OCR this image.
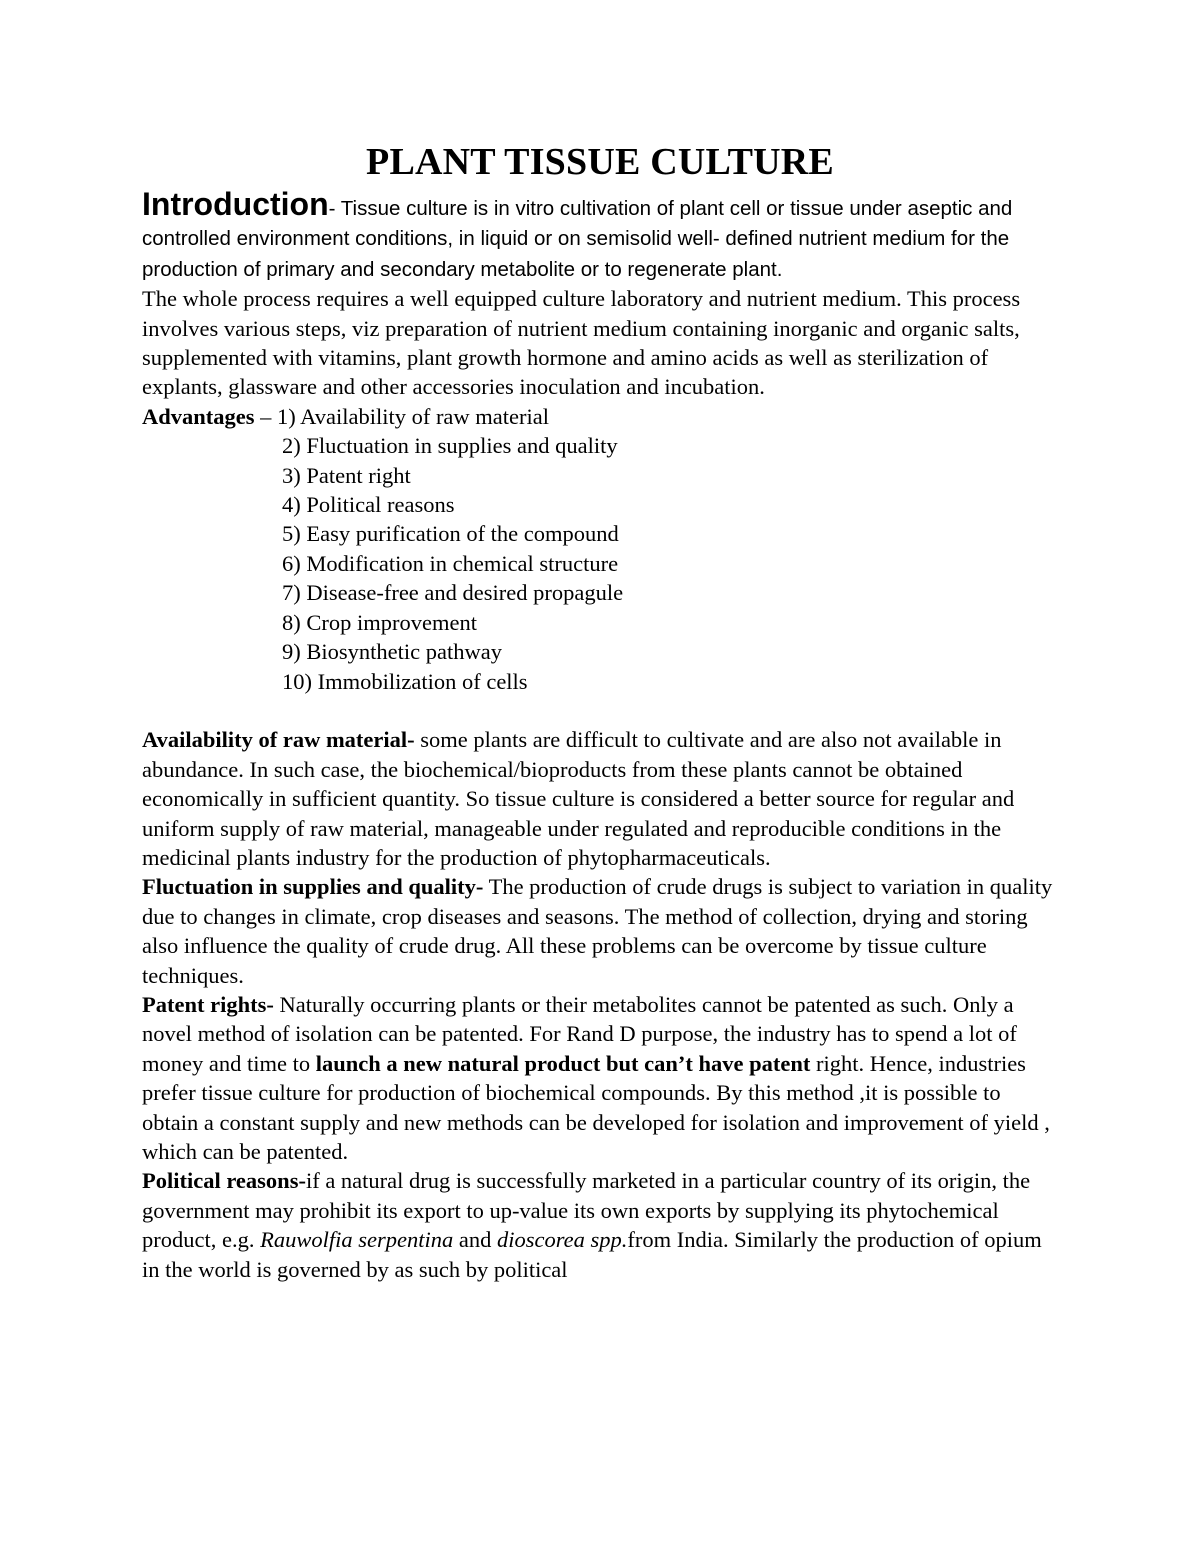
PLANT TISSUE CULTURE

Introduction- Tissue culture is in vitro cultivation of plant cell or tissue under aseptic and controlled environment conditions, in liquid or on semisolid well- defined nutrient medium for the production of primary and secondary metabolite or to regenerate plant.

The whole process requires a well equipped culture laboratory and nutrient medium. This process involves various steps, viz preparation of nutrient medium containing inorganic and organic salts, supplemented with vitamins, plant growth hormone and amino acids as well as sterilization of explants, glassware and other accessories inoculation and incubation.

Advantages – 1) Availability of raw material

2) Fluctuation in supplies and quality
3) Patent right
4) Political reasons
5) Easy purification of the compound
6) Modification in chemical structure
7) Disease-free and desired propagule
8) Crop improvement
9) Biosynthetic pathway
10) Immobilization of cells

Availability of raw material- some plants are difficult to cultivate and are also not available in abundance. In such case, the biochemical/bioproducts from these plants cannot be obtained economically in sufficient quantity. So tissue culture is considered a better source for regular and uniform supply of raw material, manageable under regulated and reproducible conditions in the medicinal plants industry for the production of phytopharmaceuticals.

Fluctuation in supplies and quality- The production of crude drugs is subject to variation in quality due to changes in climate, crop diseases and seasons. The method of collection, drying and storing also influence the quality of crude drug. All these problems can be overcome by tissue culture techniques.

Patent rights- Naturally occurring plants or their metabolites cannot be patented as such. Only a novel method of isolation can be patented. For Rand D purpose, the industry has to spend a lot of money and time to launch a new natural product but can’t have patent right. Hence, industries prefer tissue culture for production of biochemical compounds. By this method ,it is possible to obtain a constant supply and new methods can be developed for isolation and improvement of yield , which can be patented.

Political reasons-if a natural drug is successfully marketed in a particular country of its origin, the government may prohibit its export to up-value its own exports by supplying its phytochemical product, e.g. Rauwolfia serpentina and dioscorea spp.from India. Similarly the production of opium in the world is governed by as such by political
